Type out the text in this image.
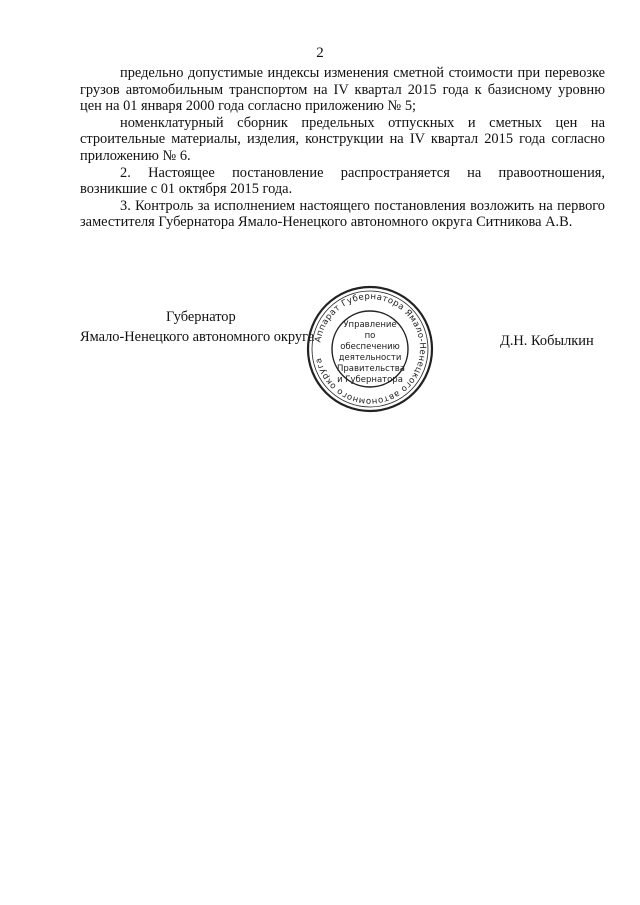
2

предельно допустимые индексы изменения сметной стоимости при перевозке грузов автомобильным транспортом на IV квартал 2015 года к базисному уровню цен на 01 января 2000 года согласно приложению № 5;

номенклатурный сборник предельных отпускных и сметных цен на строительные материалы, изделия, конструкции на IV квартал 2015 года согласно приложению № 6.

2. Настоящее постановление распространяется на правоотношения, возникшие с 01 октября 2015 года.

3. Контроль за исполнением настоящего постановления возложить на первого заместителя Губернатора Ямало-Ненецкого автономного округа Ситникова А.В.

Губернатор
Ямало-Ненецкого автономного округа	Д.Н. Кобылкин
Аппарат Губернатора Ямало-Ненецкого автономного округа
Управление по
обеспечению
деятельности
Правительства
и Губернатора
